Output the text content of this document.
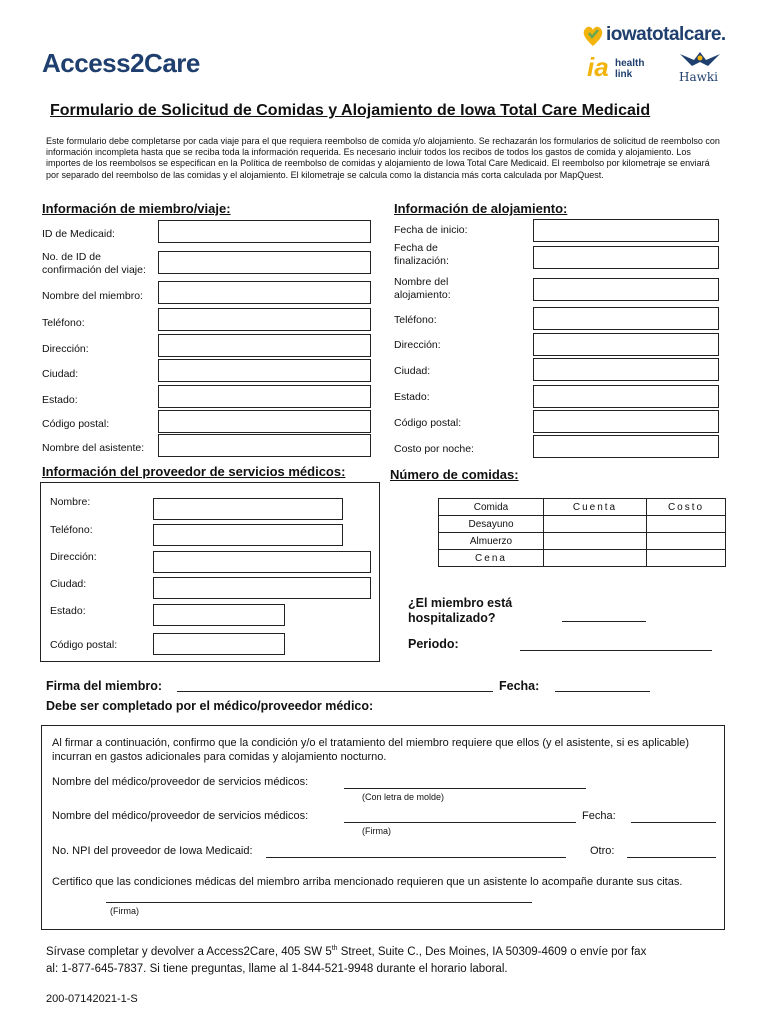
Access2Care
iowatotalcare.
ia health
link	Hawki
Formulario de Solicitud de Comidas y Alojamiento de Iowa Total Care Medicaid
Este formulario debe completarse por cada viaje para el que requiera reembolso de comida y/o alojamiento. Se rechazarán los formularios de solicitud de reembolso con información incompleta hasta que se reciba toda la información requerida. Es necesario incluir todos los recibos de todos los gastos de comida y alojamiento. Los importes de los reembolsos se especifican en la Política de reembolso de comidas y alojamiento de Iowa Total Care Medicaid. El reembolso por kilometraje se enviará por separado del reembolso de las comidas y el alojamiento. El kilometraje se calcula como la distancia más corta calculada por MapQuest.
Información de miembro/viaje:
ID de Medicaid:
No. de ID de confirmación del viaje:
Nombre del miembro:
Teléfono:
Dirección:
Ciudad:
Estado:
Código postal:
Nombre del asistente:
Información de alojamiento:
Fecha de inicio:
Fecha de finalización:
Nombre del alojamiento:
Teléfono:
Dirección:
Ciudad:
Estado:
Código postal:
Costo por noche:
Información del proveedor de servicios médicos:
Nombre:
Teléfono:
Dirección:
Ciudad:
Estado:
Código postal:
Número de comidas:
Comida	Cuenta	Costo
Desayuno		
Almuerzo		
Cena		
¿El miembro está
hospitalizado?
Periodo:
Firma del miembro:	Fecha:
Debe ser completado por el médico/proveedor médico:
Al firmar a continuación, confirmo que la condición y/o el tratamiento del miembro requiere que ellos (y el asistente, si es aplicable) incurran en gastos adicionales para comidas y alojamiento nocturno.
Nombre del médico/proveedor de servicios médicos:
(Con letra de molde)
Nombre del médico/proveedor de servicios médicos:	Fecha:
(Firma)
No. NPI del proveedor de Iowa Medicaid:	Otro:
Certifico que las condiciones médicas del miembro arriba mencionado requieren que un asistente lo acompañe durante sus citas.
(Firma)
Sírvase completar y devolver a Access2Care, 405 SW 5th Street, Suite C., Des Moines, IA 50309-4609 o envíe por fax
al: 1-877-645-7837. Si tiene preguntas, llame al 1-844-521-9948 durante el horario laboral.
200-07142021-1-S
